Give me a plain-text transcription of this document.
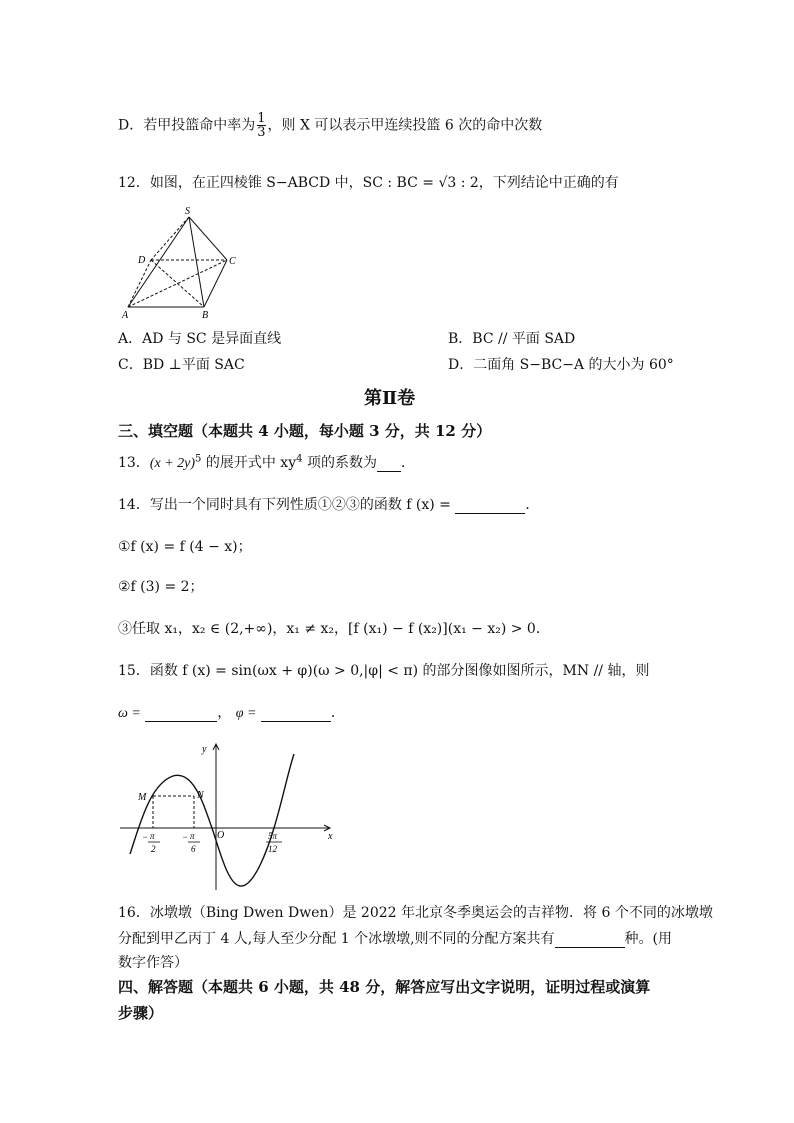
D．若甲投篮命中率为 $\frac{1}{3}$ ，则 X 可以表示甲连续投篮 6 次的命中次数
12．如图，在正四棱锥 S−ABCD 中，SC : BC = √3 : 2，下列结论中正确的有
S
D	C
A	B
A．AD 与 SC 是异面直线	B．BC // 平面 SAD
C．BD ⊥平面 SAC	D．二面角 S−BC−A 的大小为 60°
第Ⅱ卷
三、填空题（本题共 4 小题，每小题 3 分，共 12 分）
13．$(x + 2y)^5$ 的展开式中 $xy^4$ 项的系数为 ．
14．写出一个同时具有下列性质①②③的函数 f (x) =	．
①f (x) = f (4 − x)；
②f (3) = 2；
③任取 x₁，x₂ ∈ (2,+∞)，x₁ ≠ x₂，[f (x₁) − f (x₂)](x₁ − x₂) > 0．
15．函数 f (x) = sin(ωx + φ)(ω > 0,|φ| < π) 的部分图像如图所示，MN // 轴，则
ω =	， φ =	．
y
x
O
M	N
− π
2
− π
6
5π
12
16．冰墩墩（Bing Dwen Dwen）是 2022 年北京冬季奥运会的吉祥物．将 6 个不同的冰墩墩
分配到甲乙丙丁 4 人,每人至少分配 1 个冰墩墩,则不同的分配方案共有	种。(用
数字作答）
四、解答题（本题共 6 小题，共 48 分，解答应写出文字说明，证明过程或演算
步骤）
